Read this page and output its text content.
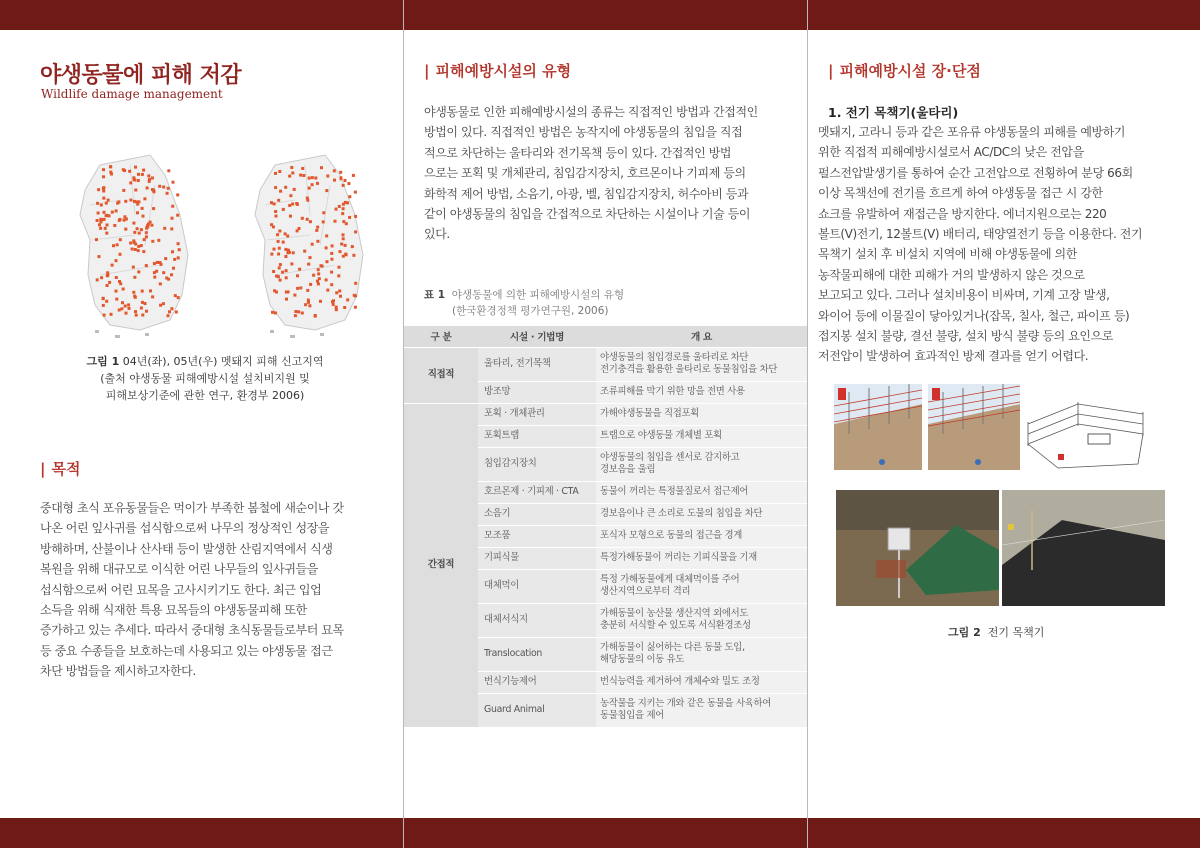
야생동물에 피해 저감
Wildlife damage management
그림 1 04년(좌), 05년(우) 멧돼지 피해 신고지역
(출처 야생동물 피해예방시설 설치비지원 및
피해보상기준에 관한 연구, 환경부 2006)
| 목적
중대형 초식 포유동물들은 먹이가 부족한 봄철에 새순이나 갓
나온 어린 잎사귀를 섭식함으로써 나무의 정상적인 성장을
방해하며, 산불이나 산사태 등이 발생한 산림지역에서 식생
복원을 위해 대규모로 이식한 어린 나무들의 잎사귀들을
섭식함으로써 어린 묘목을 고사시키기도 한다. 최근 입업
소득을 위해 식재한 특용 묘목들의 야생동물피해 또한
증가하고 있는 추세다. 따라서 중대형 초식동물들로부터 묘목
등 중요 수종들을 보호하는데 사용되고 있는 야생동물 접근
차단 방법들을 제시하고자한다.
| 피해예방시설의 유형
야생동물로 인한 피해예방시설의 종류는 직접적인 방법과 간접적인
방법이 있다. 직접적인 방법은 농작지에 야생동물의 침입을 직접
적으로 차단하는 울타리와 전기목책 등이 있다. 간접적인 방법
으로는 포획 및 개체관리, 침입감지장치, 호르몬이나 기피제 등의
화학적 제어 방법, 소음기, 아광, 벨, 침입감지장치, 허수아비 등과
같이 야생동물의 침입을 간접적으로 차단하는 시설이나 기술 등이
있다.
표 1 야생동물에 의한 피해예방시설의 유형
(한국환경정책 평가연구원, 2006)
구 분	시설 · 기법명	개 요
직접적	울타리, 전기목책	야생동물의 침입경로를 울타리로 차단
전기충격을 활용한 울타리로 동물침입을 차단

	방조망	조류피해를 막기 위한 망을 전면 사용

간접적	포획 · 개체관리	가해야생동물을 직접포획

	포획트랩	트랩으로 야생동물 개체별 포획

	침입감지장치	야생동물의 침입을 센서로 감지하고
경보음을 울림

	호르몬제 · 기피제 · CTA	동물이 꺼리는 특정물질로서 접근제어

	소음기	경보음이나 큰 소리로 도물의 침입을 차단

	모조품	포식자 모형으로 동물의 접근을 경계

	기피식물	특정가해동물이 꺼리는 기피식물을 기재

	대체먹이	특정 가해동물에게 대체먹이를 주어
생산지역으로부터 격리

	대체서식지	가해동물이 농산물 생산지역 외에서도
충분히 서식할 수 있도록 서식환경조성

	Translocation	가해동물이 싫어하는 다른 동물 도입,
해당동물의 이동 유도

	번식기능제어	번식능력을 제거하여 개체수와 밀도 조정

	Guard Animal	농작물을 지키는 개와 같은 동물을 사육하여
동물침입을 제어
| 피해예방시설 장·단점
1. 전기 목책기(울타리)
멧돼지, 고라니 등과 같은 포유류 야생동물의 피해를 예방하기
위한 직접적 피해예방시설로서 AC/DC의 낮은 전압을
펄스전압발생기를 통하여 순간 고전압으로 전횡하여 분당 66회
이상 목책선에 전기를 흐르게 하여 야생동물 접근 시 강한
쇼크를 유발하여 재접근을 방지한다. 에너지원으로는 220
볼트(V)전기, 12볼트(V) 배터리, 태양열전기 등을 이용한다. 전기
목책기 설치 후 비설치 지역에 비해 야생동물에 의한
농작물피해에 대한 피해가 거의 발생하지 않은 것으로
보고되고 있다. 그러나 설치비용이 비싸며, 기계 고장 발생,
와이어 등에 이물질이 닿아있거나(잡목, 칠사, 철근, 파이프 등)
접지봉 설치 불량, 결선 불량, 설치 방식 불량 등의 요인으로
저전압이 발생하여 효과적인 방제 결과를 얻기 어렵다.
그림 2 전기 목책기
